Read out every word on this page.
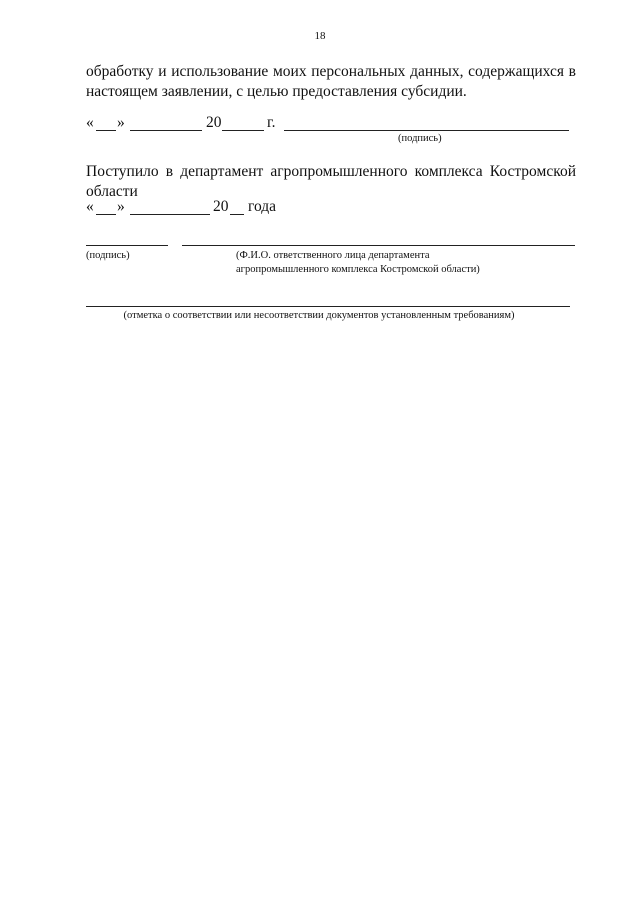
18
обработку и использование моих персональных данных, содержащихся в настоящем заявлении, с целью предоставления субсидии.
« »	20	г.
(подпись)
Поступило в департамент агропромышленного комплекса Костромской области
« »	20 года
(подпись)	(Ф.И.О. ответственного лица департамента
агропромышленного комплекса Костромской области)
(отметка о соответствии или несоответствии документов установленным требованиям)
